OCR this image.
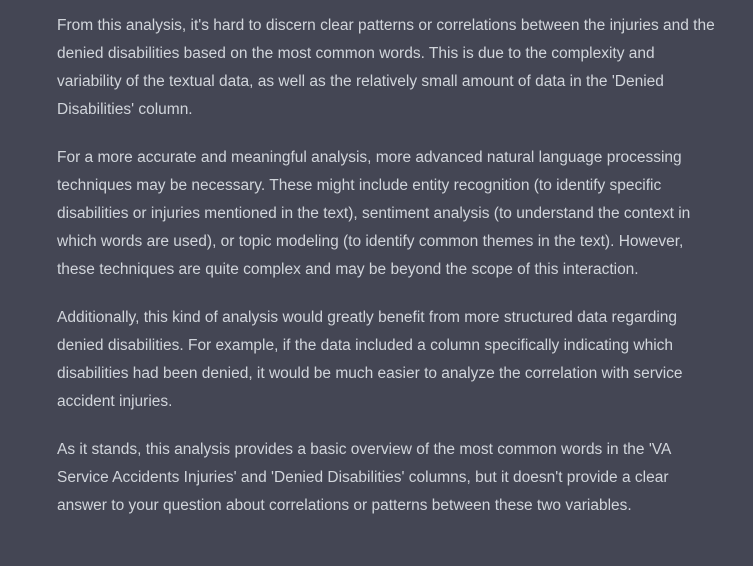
From this analysis, it's hard to discern clear patterns or correlations between the injuries and the denied disabilities based on the most common words. This is due to the complexity and variability of the textual data, as well as the relatively small amount of data in the 'Denied Disabilities' column.

For a more accurate and meaningful analysis, more advanced natural language processing techniques may be necessary. These might include entity recognition (to identify specific disabilities or injuries mentioned in the text), sentiment analysis (to understand the context in which words are used), or topic modeling (to identify common themes in the text). However, these techniques are quite complex and may be beyond the scope of this interaction.

Additionally, this kind of analysis would greatly benefit from more structured data regarding denied disabilities. For example, if the data included a column specifically indicating which disabilities had been denied, it would be much easier to analyze the correlation with service accident injuries.

As it stands, this analysis provides a basic overview of the most common words in the 'VA Service Accidents Injuries' and 'Denied Disabilities' columns, but it doesn't provide a clear answer to your question about correlations or patterns between these two variables.
